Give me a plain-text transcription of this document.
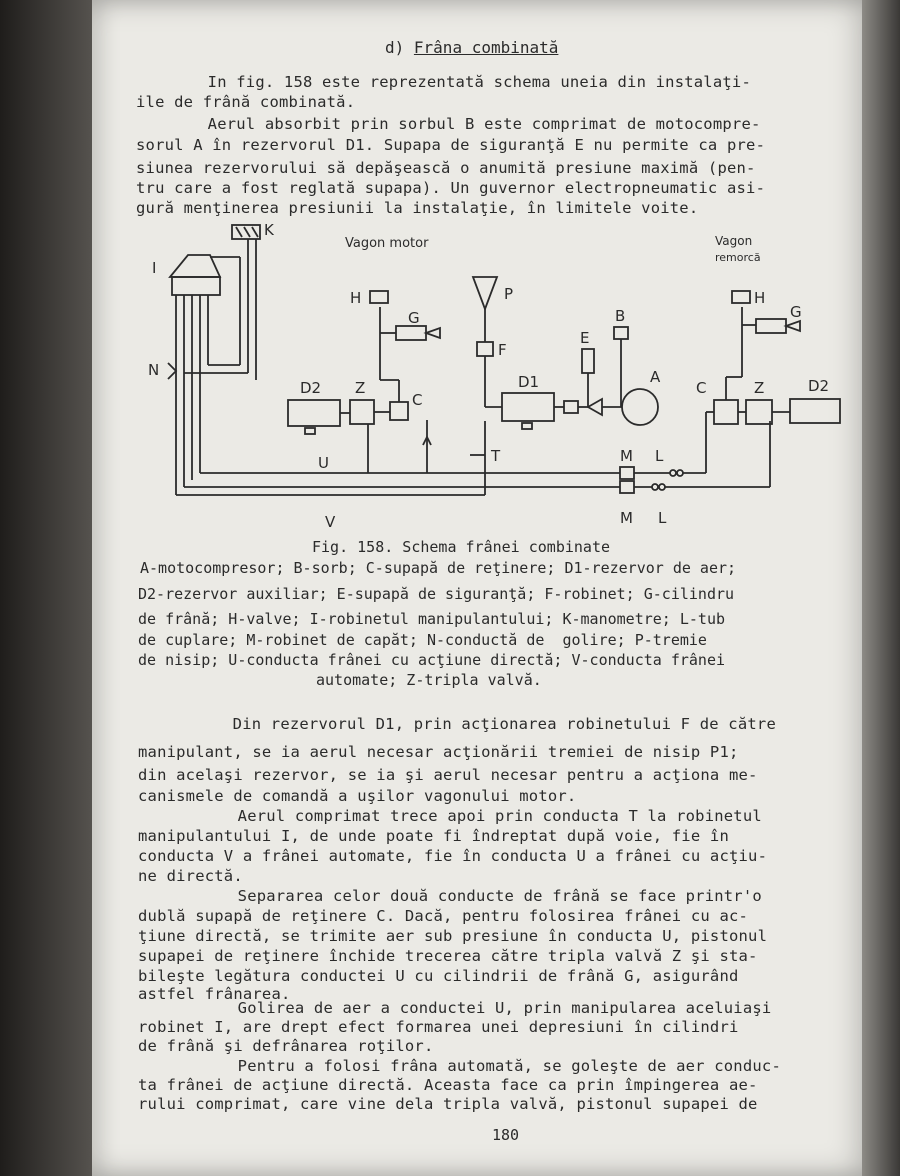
d) Frâna combinată
In fig. 158 este reprezentată schema uneia din instalaţi-
ile de frână combinată.
Aerul absorbit prin sorbul B este comprimat de motocompre-
sorul A în rezervorul D1. Supapa de siguranţă E nu permite ca pre-
siunea rezervorului să depăşească o anumită presiune maximă (pen-
tru care a fost reglată supapa). Un guvernor electropneumatic asi-
gură menţinerea presiunii la instalaţie, în limitele voite.
Vagon motor	Vagon
remorcă
K
I
N
H
G
Z
C
D2
U
V
P
F
T
D1
E
B
A
M L
M L
C	Z	D2
H
G
Fig. 158. Schema frânei combinate
A-motocompresor; B-sorb; C-supapă de reţinere; D1-rezervor de aer;
D2-rezervor auxiliar; E-supapă de siguranţă; F-robinet; G-cilindru
de frână; H-valve; I-robinetul manipulantului; K-manometre; L-tub
de cuplare; M-robinet de capăt; N-conductă de  golire; P-tremie
de nisip; U-conducta frânei cu acţiune directă; V-conducta frânei
automate; Z-tripla valvă.
Din rezervorul D1, prin acţionarea robinetului F de către
manipulant, se ia aerul necesar acţionării tremiei de nisip P1;
din acelaşi rezervor, se ia şi aerul necesar pentru a acţiona me-
canismele de comandă a uşilor vagonului motor.
Aerul comprimat trece apoi prin conducta T la robinetul
manipulantului I, de unde poate fi îndreptat după voie, fie în
conducta V a frânei automate, fie în conducta U a frânei cu acţiu-
ne directă.
Separarea celor două conducte de frână se face printr'o
dublă supapă de reţinere C. Dacă, pentru folosirea frânei cu ac-
ţiune directă, se trimite aer sub presiune în conducta U, pistonul
supapei de reţinere închide trecerea către tripla valvă Z şi sta-
bileşte legătura conductei U cu cilindrii de frână G, asigurând
astfel frânarea.
Golirea de aer a conductei U, prin manipularea aceluiaşi
robinet I, are drept efect formarea unei depresiuni în cilindri
de frână şi defrânarea roţilor.
Pentru a folosi frâna automată, se goleşte de aer conduc-
ta frânei de acţiune directă. Aceasta face ca prin împingerea ae-
rului comprimat, care vine dela tripla valvă, pistonul supapei de
180
